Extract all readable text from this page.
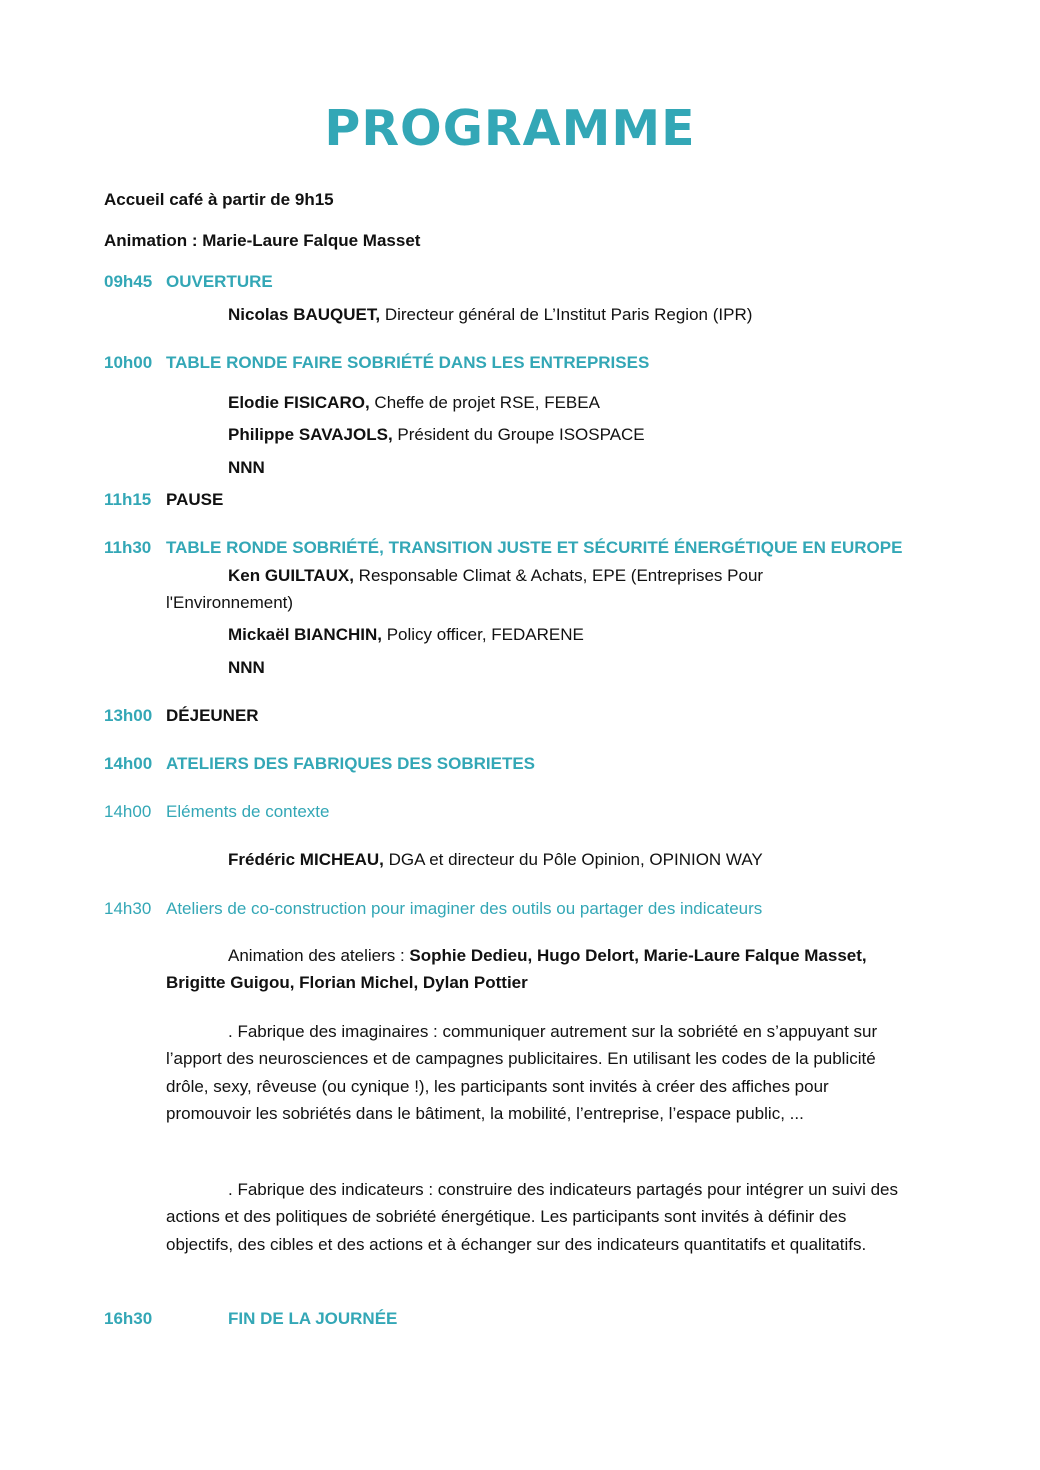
PROGRAMME
Accueil café à partir de 9h15
Animation : Marie-Laure Falque Masset
09h45 OUVERTURE
Nicolas BAUQUET, Directeur général de L’Institut Paris Region (IPR)
10h00 TABLE RONDE FAIRE SOBRIÉTÉ DANS LES ENTREPRISES
Elodie FISICARO, Cheffe de projet RSE, FEBEA
Philippe SAVAJOLS, Président du Groupe ISOSPACE
NNN
11h15 PAUSE
11h30 TABLE RONDE SOBRIÉTÉ, TRANSITION JUSTE ET SÉCURITÉ ÉNERGÉTIQUE EN EUROPE
Ken GUILTAUX, Responsable Climat & Achats, EPE (Entreprises Pour
l'Environnement)
Mickaël BIANCHIN, Policy officer, FEDARENE
NNN
13h00 DÉJEUNER
14h00 ATELIERS DES FABRIQUES DES SOBRIETES
14h00 Eléments de contexte
Frédéric MICHEAU, DGA et directeur du Pôle Opinion, OPINION WAY
14h30 Ateliers de co-construction pour imaginer des outils ou partager des indicateurs
Animation des ateliers : Sophie Dedieu, Hugo Delort, Marie-Laure Falque Masset, Brigitte Guigou, Florian Michel, Dylan Pottier
. Fabrique des imaginaires : communiquer autrement sur la sobriété en s’appuyant sur l’apport des neurosciences et de campagnes publicitaires. En utilisant les codes de la publicité drôle, sexy, rêveuse (ou cynique !), les participants sont invités à créer des affiches pour promouvoir les sobriétés dans le bâtiment, la mobilité, l’entreprise, l’espace public, ...
. Fabrique des indicateurs : construire des indicateurs partagés pour intégrer un suivi des actions et des politiques de sobriété énergétique. Les participants sont invités à définir des objectifs, des cibles et des actions et à échanger sur des indicateurs quantitatifs et qualitatifs.
16h30	FIN DE LA JOURNÉE
